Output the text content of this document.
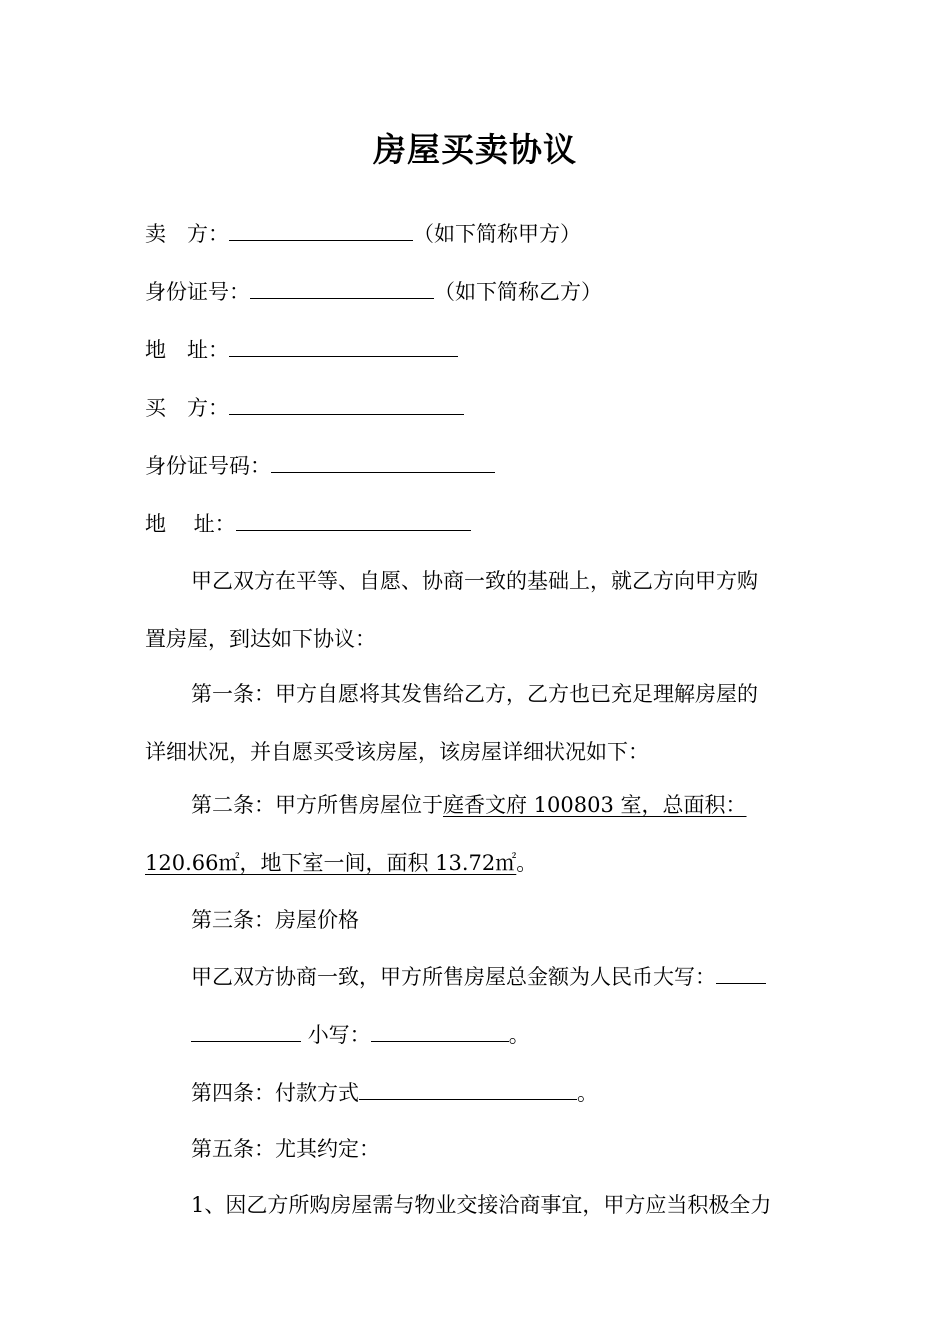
房屋买卖协议
卖　方：	（如下简称甲方）
身份证号：	（如下简称乙方）
地　址：
买　方：
身份证号码：
地　 址：
甲乙双方在平等、自愿、协商一致的基础上，就乙方向甲方购
置房屋，到达如下协议：
第一条：甲方自愿将其发售给乙方，乙方也已充足理解房屋的
详细状况，并自愿买受该房屋，该房屋详细状况如下：
第二条：甲方所售房屋位于庭香文府 100803 室，总面积：
120.66㎡，地下室一间，面积 13.72㎡。
第三条：房屋价格
甲乙双方协商一致，甲方所售房屋总金额为人民币大写：
小写：	。
第四条：付款方式	。
第五条：尤其约定：
1、因乙方所购房屋需与物业交接洽商事宜，甲方应当积极全力
